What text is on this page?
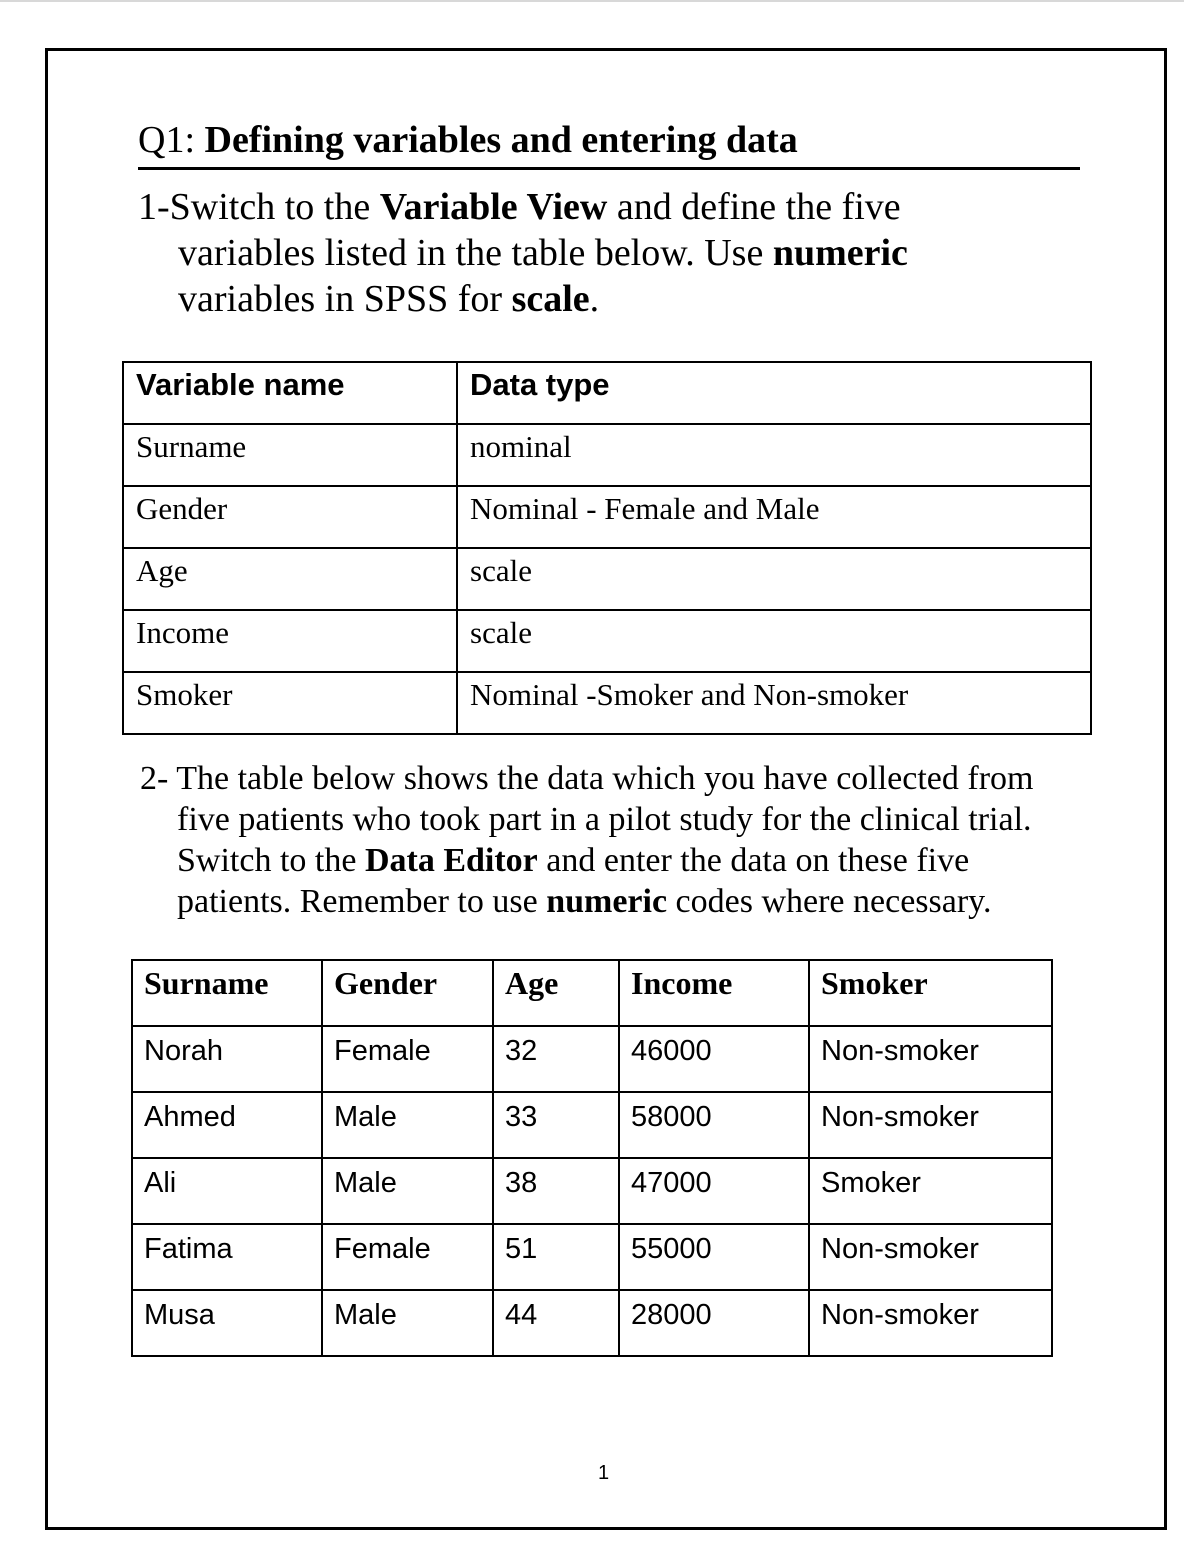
Q1: Defining variables and entering data
1-Switch to the Variable View and define the five
variables listed in the table below. Use numeric
variables in SPSS for scale.
Variable name	Data type
Surname	nominal
Gender	Nominal - Female and Male
Age	scale
Income	scale
Smoker	Nominal -Smoker and Non-smoker
2- The table below shows the data which you have collected from
five patients who took part in a pilot study for the clinical trial.
Switch to the Data Editor and enter the data on these five
patients. Remember to use numeric codes where necessary.
Surname	Gender	Age	Income	Smoker
Norah	Female	32	46000	Non-smoker
Ahmed	Male	33	58000	Non-smoker
Ali	Male	38	47000	Smoker
Fatima	Female	51	55000	Non-smoker
Musa	Male	44	28000	Non-smoker
1
